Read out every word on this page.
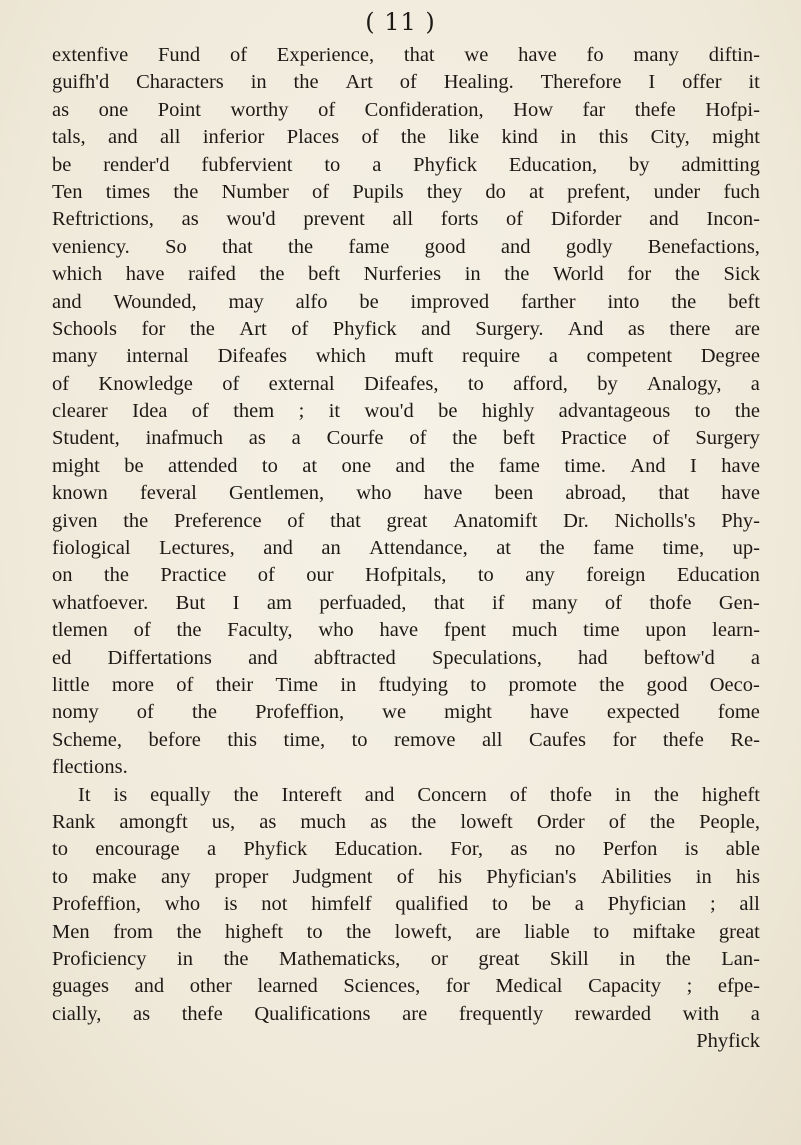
( 11 )
extenfive Fund of Experience, that we have fo many diftin-
guifh'd Characters in the Art of Healing. Therefore I offer it
as one Point worthy of Confideration, How far thefe Hofpi-
tals, and all inferior Places of the like kind in this City, might
be render'd fubfervient to a Phyfick Education, by admitting
Ten times the Number of Pupils they do at prefent, under fuch
Reftrictions, as wou'd prevent all forts of Diforder and Incon-
veniency. So that the fame good and godly Benefactions,
which have raifed the beft Nurferies in the World for the Sick
and Wounded, may alfo be improved farther into the beft
Schools for the Art of Phyfick and Surgery. And as there are
many internal Difeafes which muft require a competent Degree
of Knowledge of external Difeafes, to afford, by Analogy, a
clearer Idea of them ; it wou'd be highly advantageous to the
Student, inafmuch as a Courfe of the beft Practice of Surgery
might be attended to at one and the fame time. And I have
known feveral Gentlemen, who have been abroad, that have
given the Preference of that great Anatomift Dr. Nicholls's Phy-
fiological Lectures, and an Attendance, at the fame time, up-
on the Practice of our Hofpitals, to any foreign Education
whatfoever. But I am perfuaded, that if many of thofe Gen-
tlemen of the Faculty, who have fpent much time upon learn-
ed Differtations and abftracted Speculations, had beftow'd a
little more of their Time in ftudying to promote the good Oeco-
nomy of the Profeffion, we might have expected fome
Scheme, before this time, to remove all Caufes for thefe Re-
flections.
It is equally the Intereft and Concern of thofe in the higheft
Rank amongft us, as much as the loweft Order of the People,
to encourage a Phyfick Education. For, as no Perfon is able
to make any proper Judgment of his Phyfician's Abilities in his
Profeffion, who is not himfelf qualified to be a Phyfician ; all
Men from the higheft to the loweft, are liable to miftake great
Proficiency in the Mathematicks, or great Skill in the Lan-
guages and other learned Sciences, for Medical Capacity ; efpe-
cially, as thefe Qualifications are frequently rewarded with a
Phyfick
